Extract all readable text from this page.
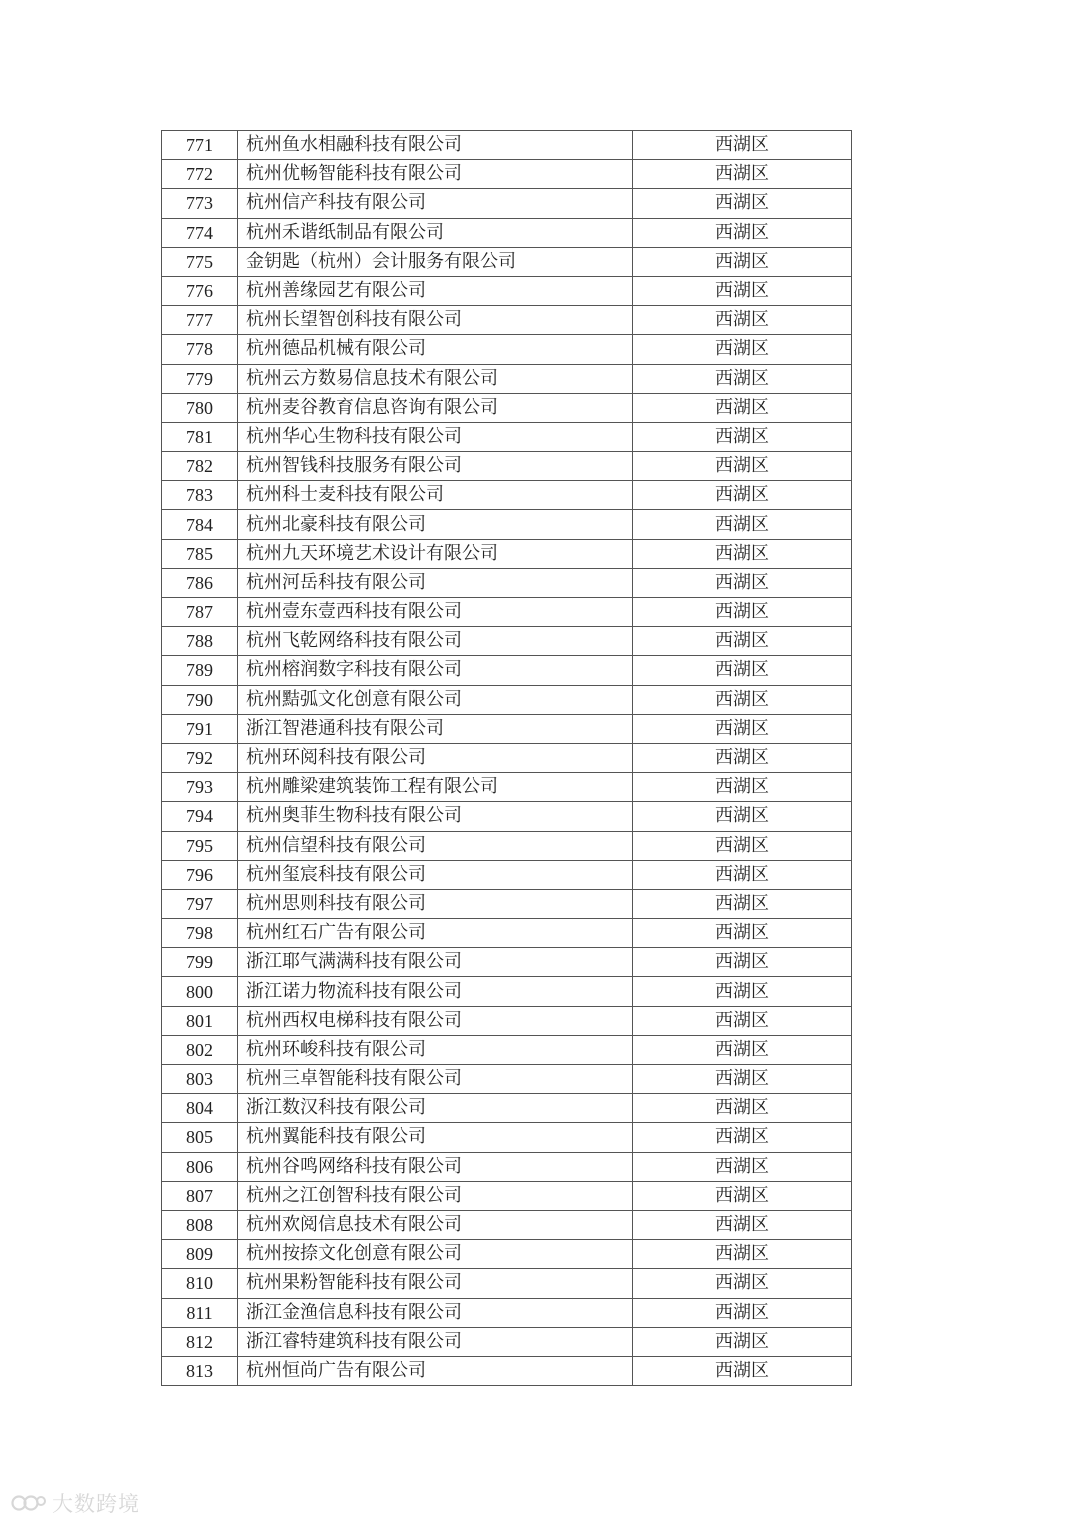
771	杭州鱼水相融科技有限公司	西湖区
772	杭州优畅智能科技有限公司	西湖区
773	杭州信产科技有限公司	西湖区
774	杭州禾谐纸制品有限公司	西湖区
775	金钥匙（杭州）会计服务有限公司	西湖区
776	杭州善缘园艺有限公司	西湖区
777	杭州长望智创科技有限公司	西湖区
778	杭州德品机械有限公司	西湖区
779	杭州云方数易信息技术有限公司	西湖区
780	杭州麦谷教育信息咨询有限公司	西湖区
781	杭州华心生物科技有限公司	西湖区
782	杭州智钱科技服务有限公司	西湖区
783	杭州科士麦科技有限公司	西湖区
784	杭州北豪科技有限公司	西湖区
785	杭州九天环境艺术设计有限公司	西湖区
786	杭州河岳科技有限公司	西湖区
787	杭州壹东壹西科技有限公司	西湖区
788	杭州飞乾网络科技有限公司	西湖区
789	杭州榕润数字科技有限公司	西湖区
790	杭州黠弧文化创意有限公司	西湖区
791	浙江智港通科技有限公司	西湖区
792	杭州环阅科技有限公司	西湖区
793	杭州雕梁建筑装饰工程有限公司	西湖区
794	杭州奥菲生物科技有限公司	西湖区
795	杭州信望科技有限公司	西湖区
796	杭州玺宸科技有限公司	西湖区
797	杭州思则科技有限公司	西湖区
798	杭州红石广告有限公司	西湖区
799	浙江耶气满满科技有限公司	西湖区
800	浙江诺力物流科技有限公司	西湖区
801	杭州西权电梯科技有限公司	西湖区
802	杭州环峻科技有限公司	西湖区
803	杭州三卓智能科技有限公司	西湖区
804	浙江数汉科技有限公司	西湖区
805	杭州翼能科技有限公司	西湖区
806	杭州谷鸣网络科技有限公司	西湖区
807	杭州之江创智科技有限公司	西湖区
808	杭州欢阅信息技术有限公司	西湖区
809	杭州按捺文化创意有限公司	西湖区
810	杭州果粉智能科技有限公司	西湖区
811	浙江金渔信息科技有限公司	西湖区
812	浙江睿特建筑科技有限公司	西湖区
813	杭州恒尚广告有限公司	西湖区
大数跨境
